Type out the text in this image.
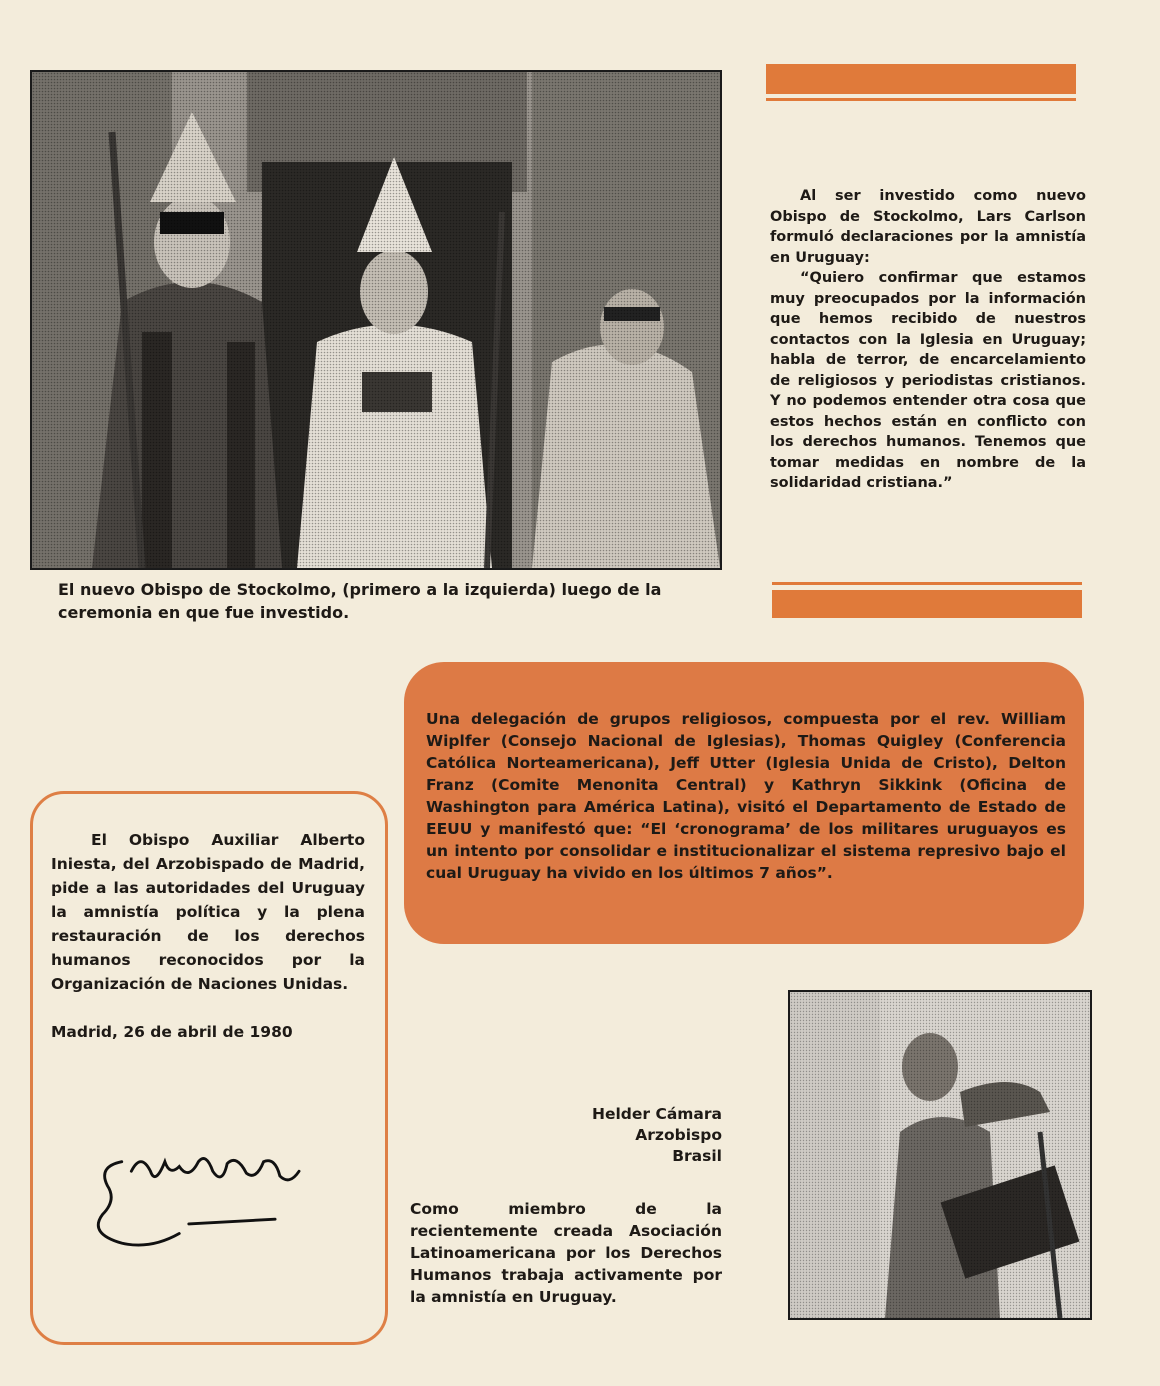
El nuevo Obispo de Stockolmo, (primero a la izquierda) luego de la ceremonia en que fue investido.

Al ser investido como nuevo Obispo de Stockolmo, Lars Carlson formuló declaraciones por la amnistía en Uruguay:

“Quiero confirmar que estamos muy preocupados por la información que hemos recibido de nuestros contactos con la Iglesia en Uruguay; habla de terror, de encarcelamiento de religiosos y periodistas cristianos. Y no podemos entender otra cosa que estos hechos están en conflicto con los derechos humanos. Tenemos que tomar medidas en nombre de la solidaridad cristiana.”

Una delegación de grupos religiosos, compuesta por el rev. William Wiplfer (Consejo Nacional de Iglesias), Thomas Quigley (Conferencia Católica Norteamericana), Jeff Utter (Iglesia Unida de Cristo), Delton Franz (Comite Menonita Central) y Kathryn Sikkink (Oficina de Washington para América Latina), visitó el Departamento de Estado de EEUU y manifestó que: “El ‘cronograma’ de los militares uruguayos es un intento por consolidar e institucionalizar el sistema represivo bajo el cual Uruguay ha vivido en los últimos 7 años”.
El Obispo Auxiliar Alberto Iniesta, del Arzobispado de Madrid, pide a las autoridades del Uruguay la amnistía política y la plena restauración de los derechos humanos reconocidos por la Organización de Naciones Unidas.
Madrid, 26 de abril de 1980
Helder Cámara
Arzobispo
Brasil
Como miembro de la recientemente creada Asociación Latinoamericana por los Derechos Humanos trabaja activamente por la amnistía en Uruguay.
